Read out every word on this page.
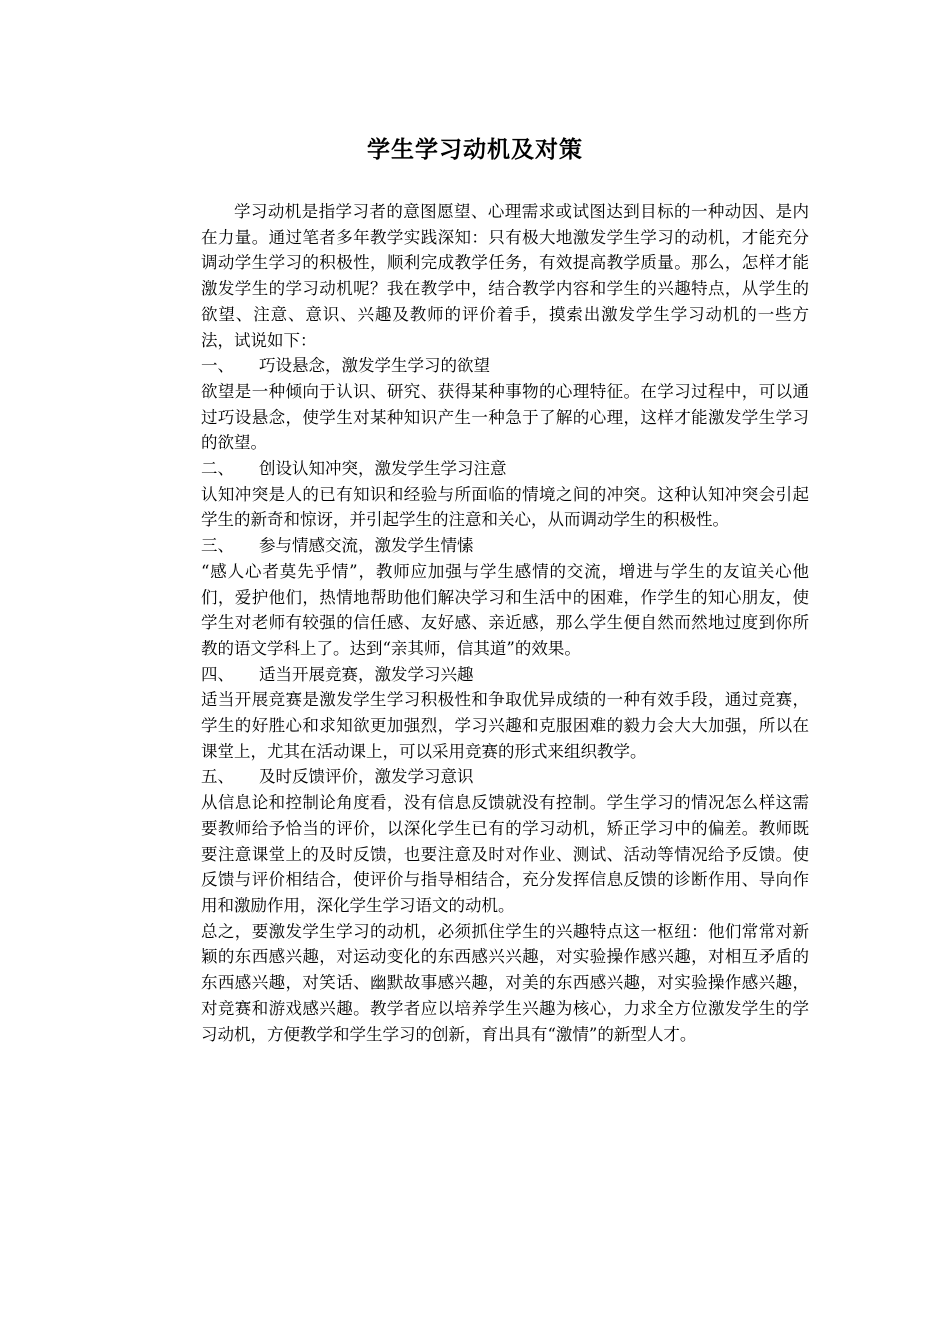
学生学习动机及对策

学习动机是指学习者的意图愿望、心理需求或试图达到目标的一种动因、是内在力量。通过笔者多年教学实践深知：只有极大地激发学生学习的动机，才能充分调动学生学习的积极性，顺利完成教学任务，有效提高教学质量。那么，怎样才能激发学生的学习动机呢？我在教学中，结合教学内容和学生的兴趣特点，从学生的欲望、注意、意识、兴趣及教师的评价着手，摸索出激发学生学习动机的一些方法，试说如下：

一、 巧设悬念，激发学生学习的欲望

欲望是一种倾向于认识、研究、获得某种事物的心理特征。在学习过程中，可以通过巧设悬念，使学生对某种知识产生一种急于了解的心理，这样才能激发学生学习的欲望。

二、 创设认知冲突，激发学生学习注意

认知冲突是人的已有知识和经验与所面临的情境之间的冲突。这种认知冲突会引起学生的新奇和惊讶，并引起学生的注意和关心，从而调动学生的积极性。

三、 参与情感交流，激发学生情愫

“感人心者莫先乎情”，教师应加强与学生感情的交流，增进与学生的友谊关心他们，爱护他们，热情地帮助他们解决学习和生活中的困难，作学生的知心朋友，使学生对老师有较强的信任感、友好感、亲近感，那么学生便自然而然地过度到你所教的语文学科上了。达到“亲其师，信其道”的效果。

四、 适当开展竞赛，激发学习兴趣

适当开展竞赛是激发学生学习积极性和争取优异成绩的一种有效手段，通过竞赛，学生的好胜心和求知欲更加强烈，学习兴趣和克服困难的毅力会大大加强，所以在课堂上，尤其在活动课上，可以采用竞赛的形式来组织教学。

五、 及时反馈评价，激发学习意识

从信息论和控制论角度看，没有信息反馈就没有控制。学生学习的情况怎么样这需要教师给予恰当的评价，以深化学生已有的学习动机，矫正学习中的偏差。教师既要注意课堂上的及时反馈，也要注意及时对作业、测试、活动等情况给予反馈。使反馈与评价相结合，使评价与指导相结合，充分发挥信息反馈的诊断作用、导向作用和激励作用，深化学生学习语文的动机。

总之，要激发学生学习的动机，必须抓住学生的兴趣特点这一枢纽：他们常常对新颖的东西感兴趣，对运动变化的东西感兴兴趣，对实验操作感兴趣，对相互矛盾的东西感兴趣，对笑话、幽默故事感兴趣，对美的东西感兴趣，对实验操作感兴趣，对竞赛和游戏感兴趣。教学者应以培养学生兴趣为核心，力求全方位激发学生的学习动机，方便教学和学生学习的创新，育出具有“激情”的新型人才。
